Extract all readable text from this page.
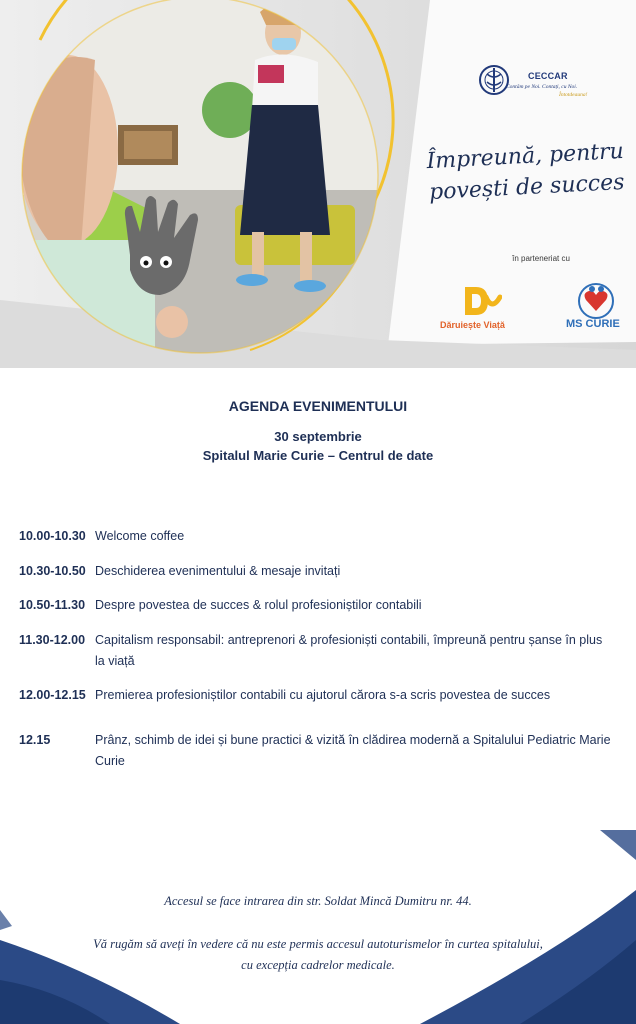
CECCAR
Contăm pe Noi. Contați, cu Noi.
Întotdeauna!
Împreună, pentru
povești de succes
în parteneriat cu
Dăruiește Viață	MS CURIE
AGENDA EVENIMENTULUI
30 septembrie
Spitalul Marie Curie – Centrul de date
10.00-10.30 Welcome coffee
10.30-10.50 Deschiderea evenimentului & mesaje invitați
10.50-11.30 Despre povestea de succes & rolul profesioniștilor contabili
11.30-12.00 Capitalism responsabil: antreprenori & profesioniști contabili, împreună pentru șanse în plus la viață
12.00-12.15 Premierea profesioniștilor contabili cu ajutorul cărora s-a scris povestea de succes
12.15	Prânz, schimb de idei și bune practici & vizită în clădirea modernă a Spitalului Pediatric Marie Curie
Accesul se face intrarea din str. Soldat Mincă Dumitru nr. 44.
Vă rugăm să aveți în vedere că nu este permis accesul autoturismelor în curtea spitalului,
cu excepția cadrelor medicale.
